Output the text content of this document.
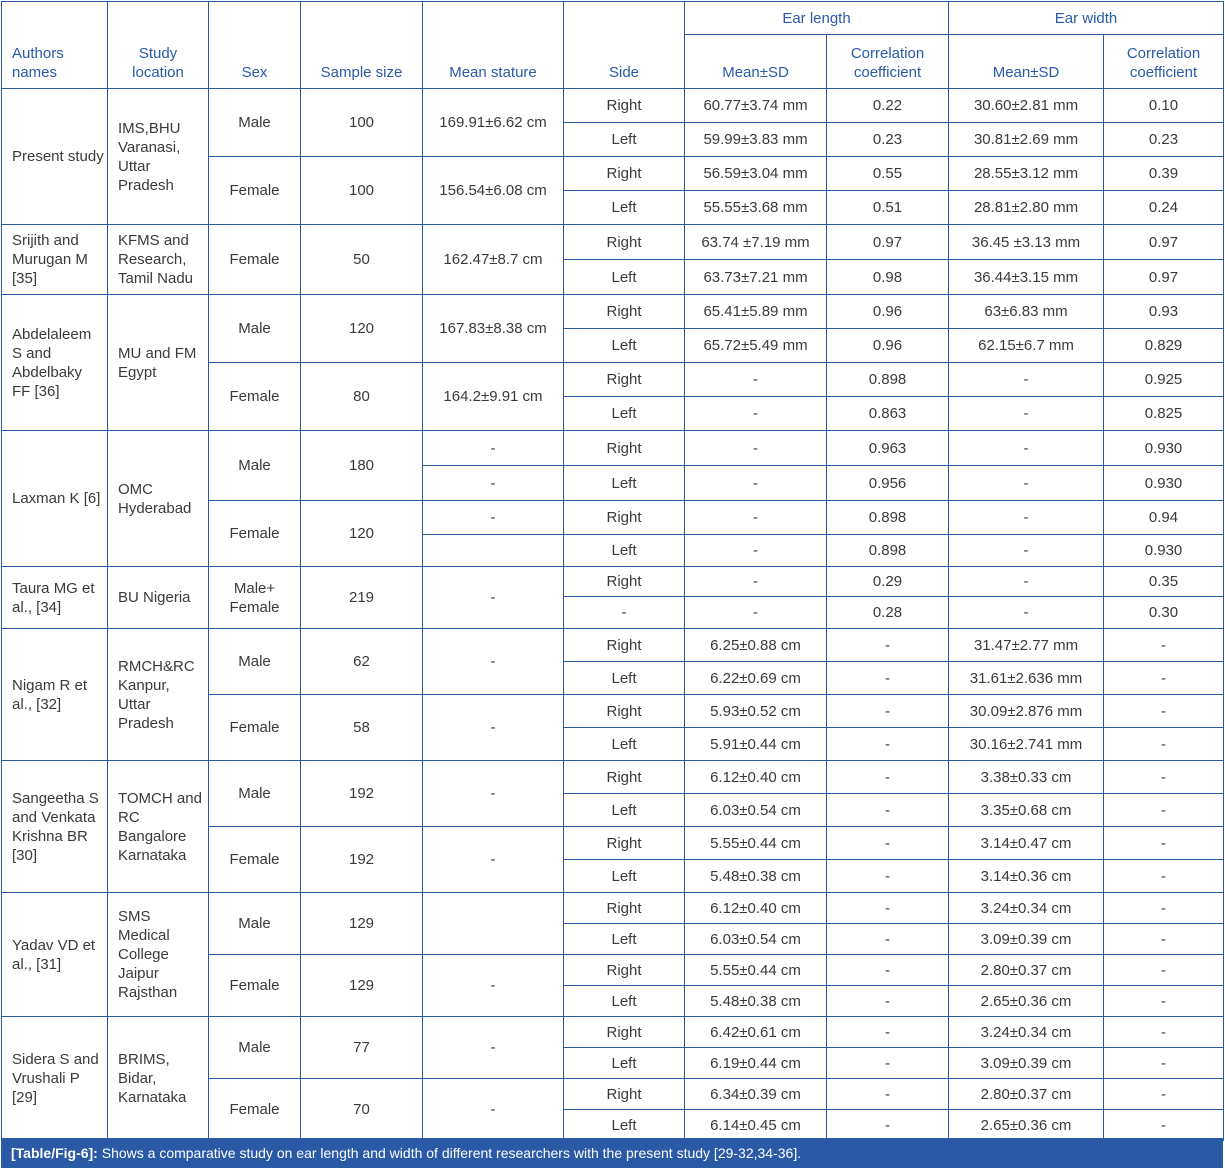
Authors names	Study location	Sex	Sample size	Mean stature	Side	Ear length		Ear width	
						Mean±SD	Correlation coefficient	Mean±SD	Correlation coefficient
Present study	IMS,BHU Varanasi, Uttar Pradesh	Male	100	169.91±6.62 cm	Right	60.77±3.74 mm	0.22	30.60±2.81 mm	0.10
					Left	59.99±3.83 mm	0.23	30.81±2.69 mm	0.23
		Female	100	156.54±6.08 cm	Right	56.59±3.04 mm	0.55	28.55±3.12 mm	0.39
					Left	55.55±3.68 mm	0.51	28.81±2.80 mm	0.24
Srijith and Murugan M [35]	KFMS and Research, Tamil Nadu	Female	50	162.47±8.7 cm	Right	63.74 ±7.19 mm	0.97	36.45 ±3.13 mm	0.97
					Left	63.73±7.21 mm	0.98	36.44±3.15 mm	0.97
Abdelaleem S and Abdelbaky FF [36]	MU and FM Egypt	Male	120	167.83±8.38 cm	Right	65.41±5.89 mm	0.96	63±6.83 mm	0.93
					Left	65.72±5.49 mm	0.96	62.15±6.7 mm	0.829
		Female	80	164.2±9.91 cm	Right	-	0.898	-	0.925
					Left	-	0.863	-	0.825
Laxman K [6]	OMC Hyderabad	Male	180	-	Right	-	0.963	-	0.930
				-	Left	-	0.956	-	0.930
		Female	120	-	Right	-	0.898	-	0.94
					Left	-	0.898	-	0.930
Taura MG et al., [34]	BU Nigeria	Male+ Female	219	-	Right	-	0.29	-	0.35
					-	-	0.28	-	0.30
Nigam R et al., [32]	RMCH&RC Kanpur, Uttar Pradesh	Male	62	-	Right	6.25±0.88 cm	-	31.47±2.77 mm	-
					Left	6.22±0.69 cm	-	31.61±2.636 mm	-
		Female	58	-	Right	5.93±0.52 cm	-	30.09±2.876 mm	-
					Left	5.91±0.44 cm	-	30.16±2.741 mm	-
Sangeetha S and Venkata Krishna BR [30]	TOMCH and RC Bangalore Karnataka	Male	192	-	Right	6.12±0.40 cm	-	3.38±0.33 cm	-
					Left	6.03±0.54 cm	-	3.35±0.68 cm	-
		Female	192	-	Right	5.55±0.44 cm	-	3.14±0.47 cm	-
					Left	5.48±0.38 cm	-	3.14±0.36 cm	-
Yadav VD et al., [31]	SMS Medical College Jaipur Rajsthan	Male	129		Right	6.12±0.40 cm	-	3.24±0.34 cm	-
					Left	6.03±0.54 cm	-	3.09±0.39 cm	-
		Female	129	-	Right	5.55±0.44 cm	-	2.80±0.37 cm	-
					Left	5.48±0.38 cm	-	2.65±0.36 cm	-
Sidera S and Vrushali P [29]	BRIMS, Bidar, Karnataka	Male	77	-	Right	6.42±0.61 cm	-	3.24±0.34 cm	-
					Left	6.19±0.44 cm	-	3.09±0.39 cm	-
		Female	70	-	Right	6.34±0.39 cm	-	2.80±0.37 cm	-
					Left	6.14±0.45 cm	-	2.65±0.36 cm	-
[Table/Fig-6]: Shows a comparative study on ear length and width of different researchers with the present study [29-32,34-36].
